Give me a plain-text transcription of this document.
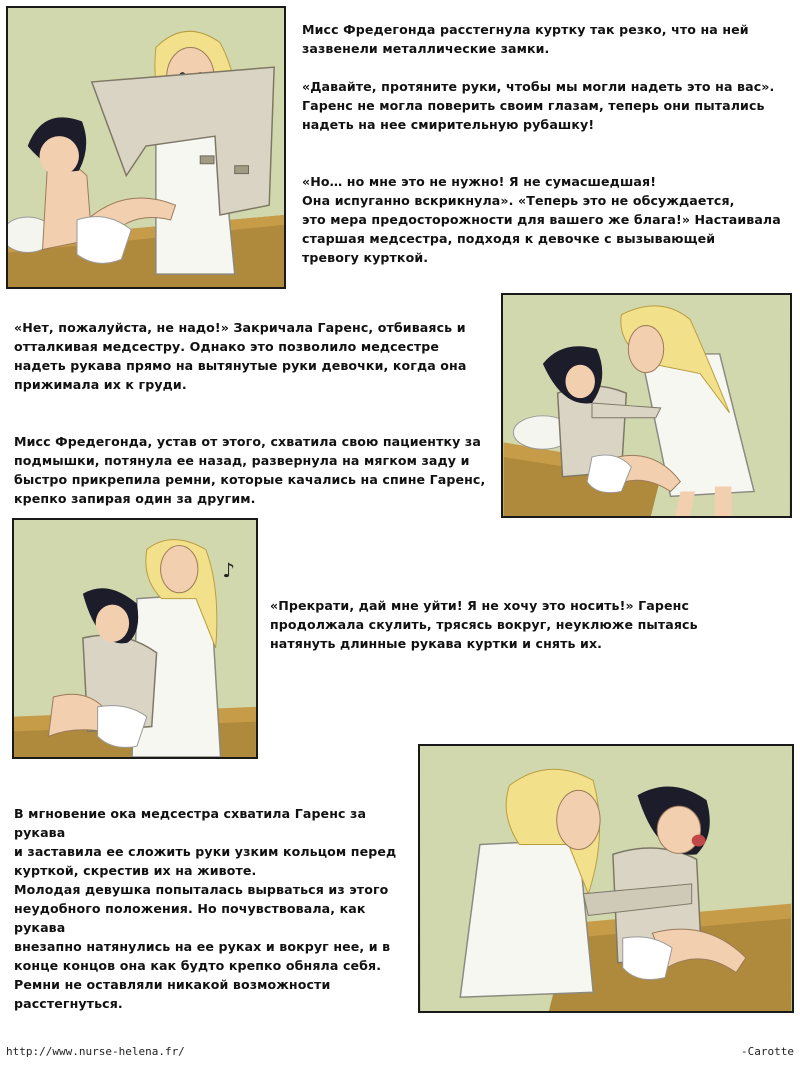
Мисс Фредегонда расстегнула куртку так резко, что на ней

зазвенели металлические замки.

«Давайте, протяните руки, чтобы мы могли надеть это на вас».

Гаренс не могла поверить своим глазам, теперь они пытались

надеть на нее смирительную рубашку!

«Но… но мне это не нужно! Я не сумасшедшая!

Она испуганно вскрикнула». «Теперь это не обсуждается,

это мера предосторожности для вашего же блага!» Настаивала

старшая медсестра, подходя к девочке с вызывающей

тревогу курткой.

«Нет, пожалуйста, не надо!» Закричала Гаренс, отбиваясь и

отталкивая медсестру. Однако это позволило медсестре

надеть рукава прямо на вытянутые руки девочки, когда она

прижимала их к груди.

Мисс Фредегонда, устав от этого, схватила свою пациентку за

подмышки, потянула ее назад, развернула на мягком заду и

быстро прикрепила ремни, которые качались на спине Гаренс,

крепко запирая один за другим.

♪

«Прекрати, дай мне уйти! Я не хочу это носить!» Гаренс

продолжала скулить, трясясь вокруг, неуклюже пытаясь

натянуть длинные рукава куртки и снять их.

В мгновение ока медсестра схватила Гаренс за рукава

и заставила ее сложить руки узким кольцом перед

курткой, скрестив их на животе.

Молодая девушка попыталась вырваться из этого

неудобного положения. Но почувствовала, как рукава

внезапно натянулись на ее руках и вокруг нее, и в

конце концов она как будто крепко обняла себя.

Ремни не оставляли никакой возможности

расстегнуться.

http://www.nurse-helena.fr/	-Carotte
